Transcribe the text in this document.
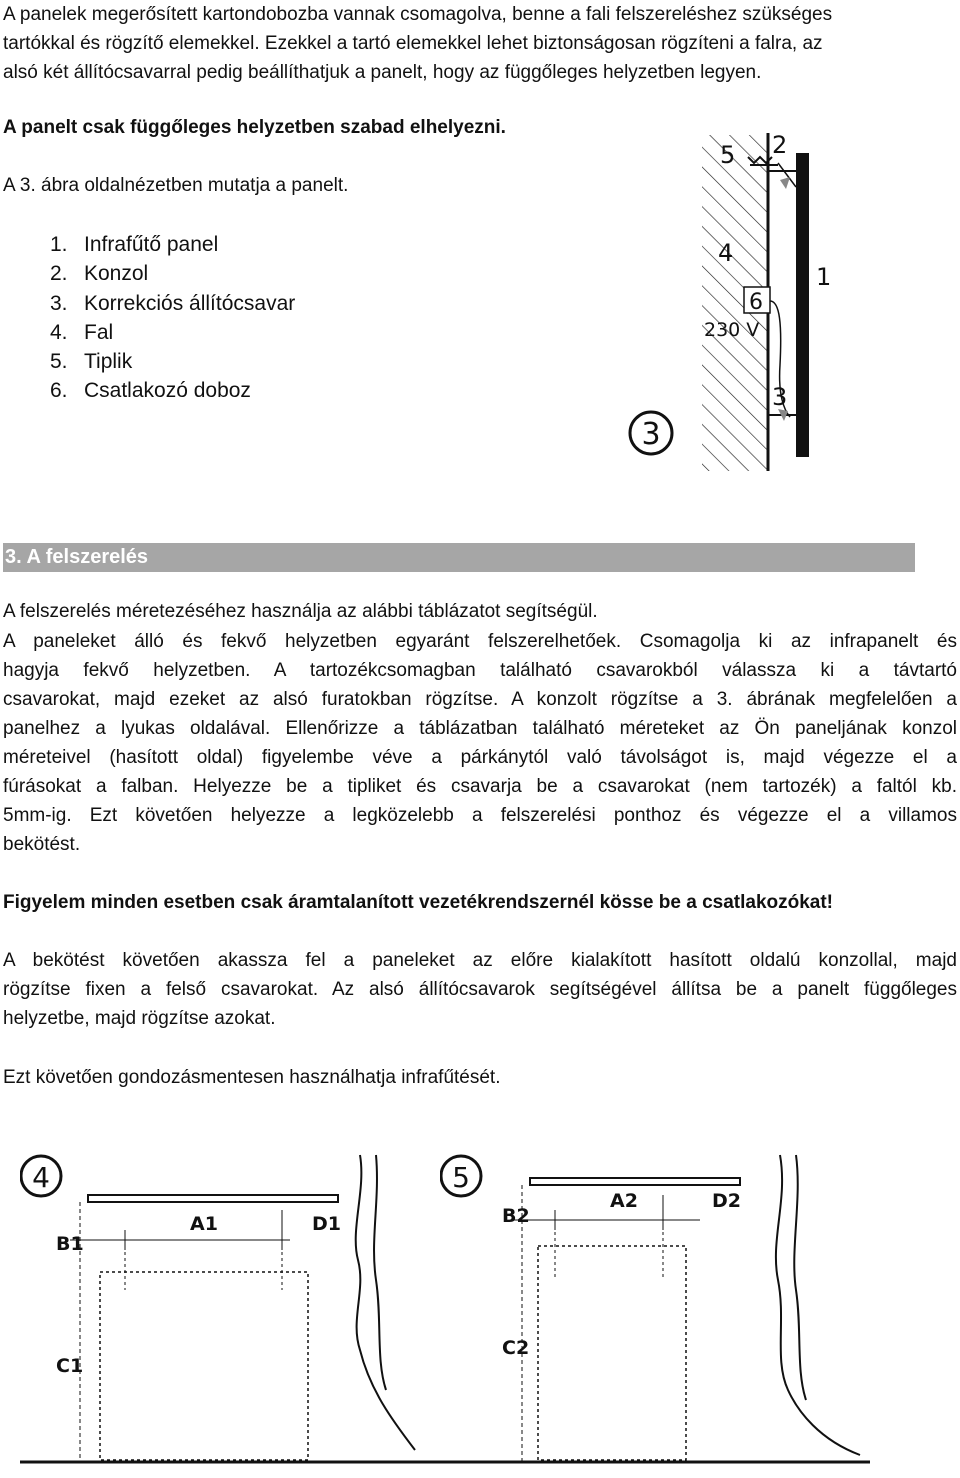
A panelek megerősített kartondobozba vannak csomagolva, benne a fali felszereléshez szükséges

tartókkal és rögzítő elemekkel. Ezekkel a tartó elemekkel lehet biztonságosan rögzíteni a falra, az

alsó két állítócsavarral pedig beállíthatjuk a panelt, hogy az függőleges helyzetben legyen.

A panelt csak függőleges helyzetben szabad elhelyezni.

A 3. ábra oldalnézetben mutatja a panelt.

1. Infrafűtő panel
2. Konzol
3. Korrekciós állítócsavar
4. Fal
5. Tiplik
6. Csatlakozó doboz
3
5 2
4
1
6
230 V
3
3. A felszerelés

A felszerelés méretezéséhez használja az alábbi táblázatot segítségül.

A paneleket álló és fekvő helyzetben egyaránt felszerelhetőek. Csomagolja ki az infrapanelt és

hagyja fekvő helyzetben. A tartozékcsomagban található csavarokból válassza ki a távtartó

csavarokat, majd ezeket az alsó furatokban rögzítse. A konzolt rögzítse a 3. ábrának megfelelően a

panelhez a lyukas oldalával. Ellenőrizze a táblázatban található méreteket az Ön paneljának konzol

méreteivel (hasított oldal) figyelembe véve a párkánytól való távolságot is, majd végezze el a

fúrásokat a falban. Helyezze be a tipliket és csavarja be a csavarokat (nem tartozék) a faltól kb.

5mm-ig. Ezt követően helyezze a legközelebb a felszerelési ponthoz és végezze el a villamos

bekötést.

Figyelem minden esetben csak áramtalanított vezetékrendszernél kösse be a csatlakozókat!

A bekötést követően akassza fel a paneleket az előre kialakított hasított oldalú konzollal, majd

rögzítse fixen a felső csavarokat. Az alsó állítócsavarok segítségével állítsa be a panelt függőleges

helyzetbe, majd rögzítse azokat.

Ezt követően gondozásmentesen használhatja infrafűtését.

4
A1	D1
B1
C1
5
A2	D2
B2
C2
